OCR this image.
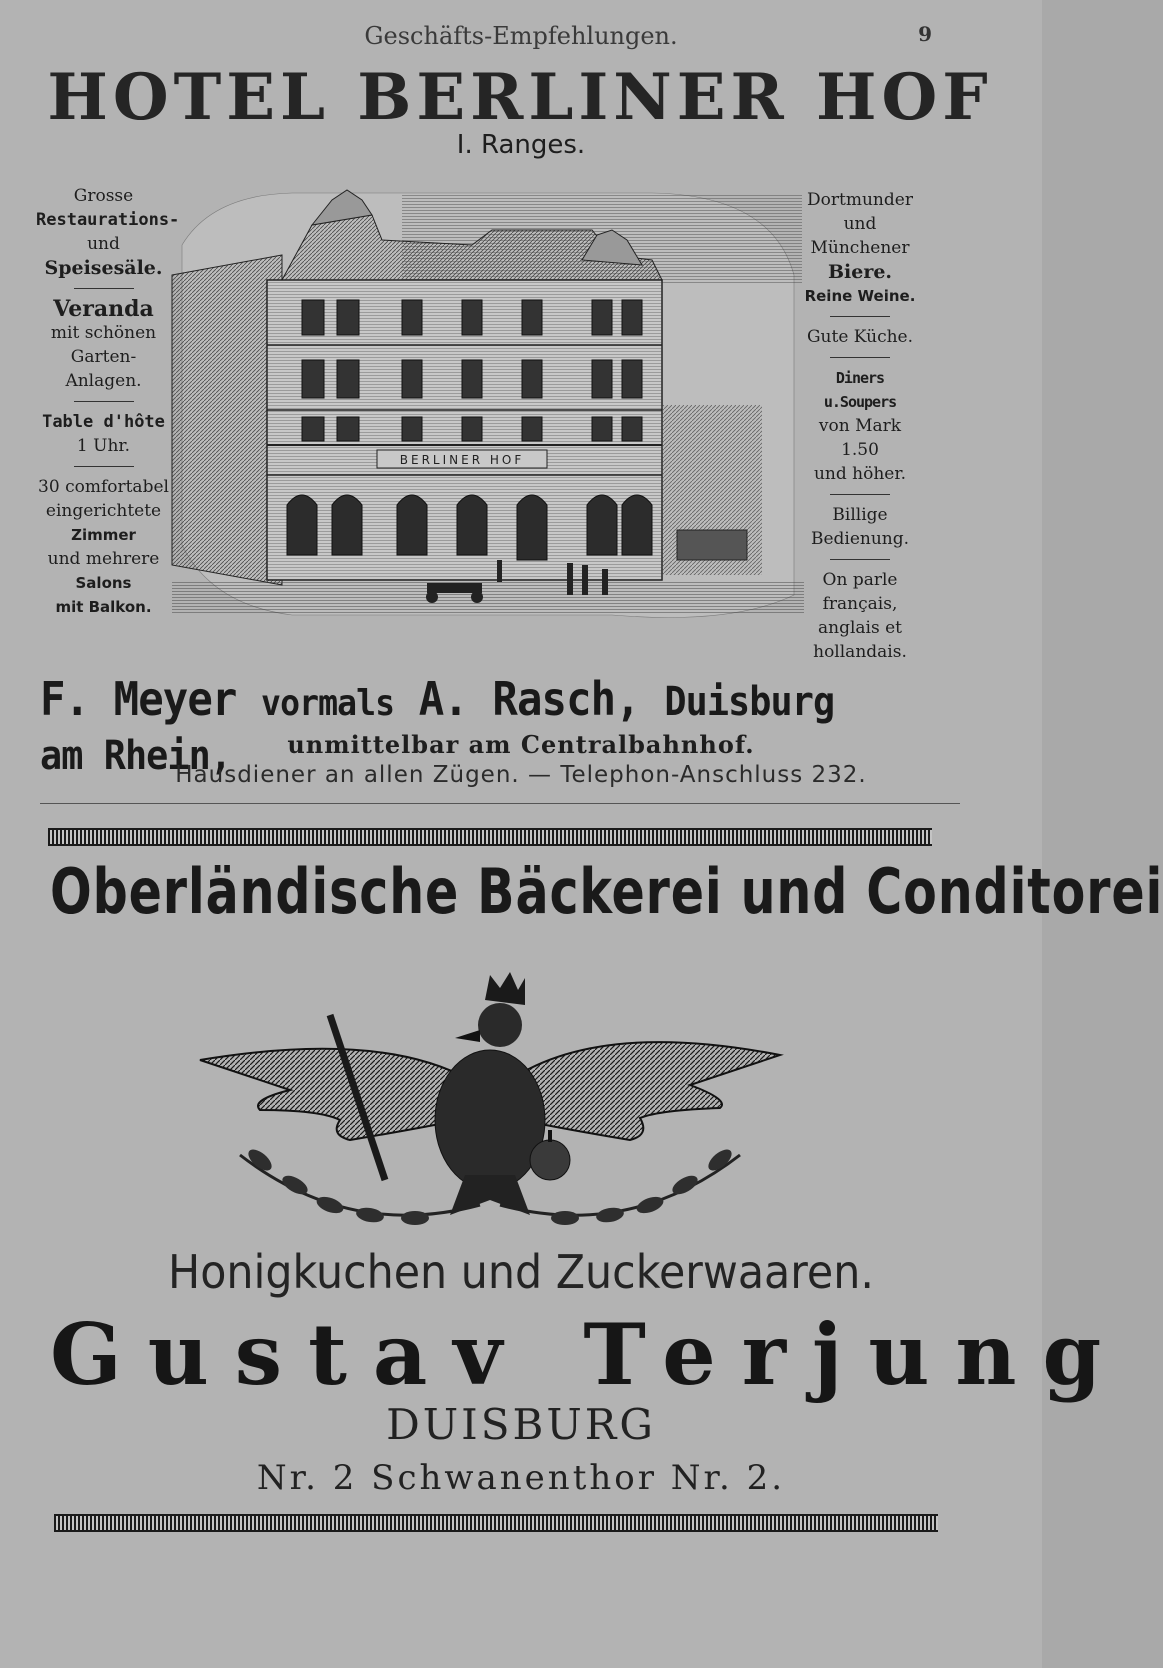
Geschäfts-Empfehlungen.	9
HOTEL BERLINER HOF
I. Ranges.
Grosse
Restaurations-
und
Speisesäle.
Veranda
mit schönen
Garten-
Anlagen.
Table d'hôte
1 Uhr.
30 comfortabel
eingerichtete
Zimmer
und mehrere
Salons
mit Balkon.
BERLINER HOF
Dortmunder
und
Münchener
Biere.
Reine Weine.
Gute Küche.
Diners u.Soupers
von Mark 1.50
und höher.
Billige
Bedienung.
On parle
français,
anglais et
hollandais.
F. Meyer vormals A. Rasch, Duisburg am Rhein,	unmittelbar am Centralbahnhof.
Hausdiener an allen Zügen. — Telephon-Anschluss 232.
Oberländische Bäckerei und Conditorei
Honigkuchen und Zuckerwaaren.
Gustav Terjung
DUISBURG
Nr. 2 Schwanenthor Nr. 2.
